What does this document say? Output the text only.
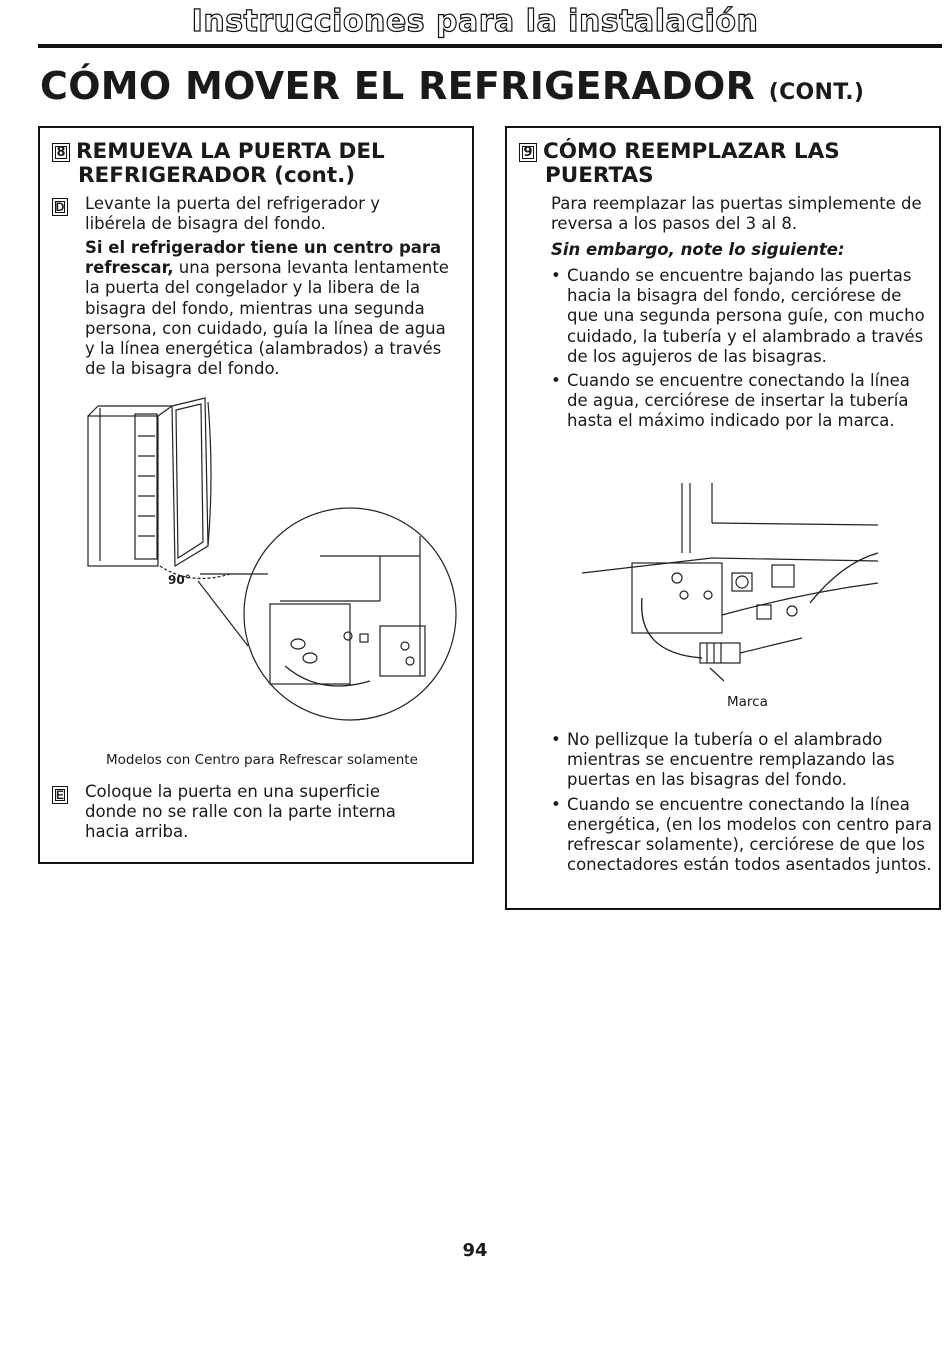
Instrucciones para la instalación
CÓMO MOVER EL REFRIGERADOR (CONT.)
8 REMUEVA LA PUERTA DEL
REFRIGERADOR (cont.)
D Levante la puerta del refrigerador y libérela de bisagra del fondo.
Si el refrigerador tiene un centro para refrescar, una persona levanta lentamente la puerta del congelador y la libera de la bisagra del fondo, mientras una segunda persona, con cuidado, guía la línea de agua y la línea energética (alambrados) a través de la bisagra del fondo.
90°
Modelos con Centro para Refrescar solamente
E Coloque la puerta en una superficie donde no se ralle con la parte interna hacia arriba.
9 CÓMO REEMPLAZAR LAS
PUERTAS
Para reemplazar las puertas simplemente de reversa a los pasos del 3 al 8.
Sin embargo, note lo siguiente:
• Cuando se encuentre bajando las puertas hacia la bisagra del fondo, cerciórese de que una segunda persona guíe, con mucho cuidado, la tubería y el alambrado a través de los agujeros de las bisagras.
• Cuando se encuentre conectando la línea de agua, cerciórese de insertar la tubería hasta el máximo indicado por la marca.
Marca
• No pellizque la tubería o el alambrado mientras se encuentre remplazando las puertas en las bisagras del fondo.
• Cuando se encuentre conectando la línea energética, (en los modelos con centro para refrescar solamente), cerciórese de que los conectadores están todos asentados juntos.
94
